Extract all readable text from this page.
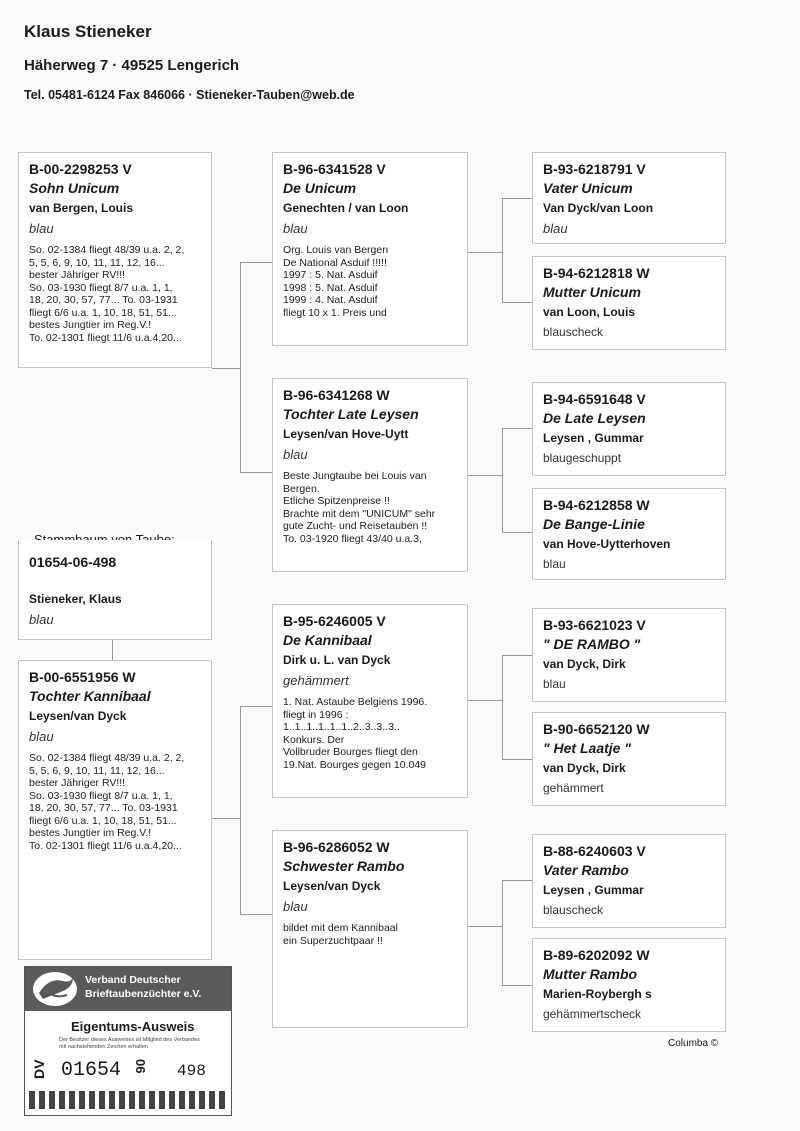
Klaus Stieneker
Häherweg 7 · 49525 Lengerich
Tel. 05481-6124 Fax 846066 · Stieneker-Tauben@web.de
01654-06-498
Stieneker, Klaus
blau
B-00-2298253 V
Sohn Unicum
van Bergen, Louis
blau
So. 02-1384 fliegt 48/39 u.a. 2, 2,
5, 5, 6, 9, 10, 11, 11, 12, 16...
bester Jähriger RV!!!
So. 03-1930 fliegt 8/7 u.a. 1, 1,
18, 20, 30, 57, 77... To. 03-1931
fliegt 6/6 u.a. 1, 10, 18, 51, 51...
bestes Jungtier im Reg.V.!
To. 02-1301 fliegt 11/6 u.a.4,20...
B-00-6551956 W
Tochter Kannibaal
Leysen/van Dyck
blau
So. 02-1384 fliegt 48/39 u.a. 2, 2,
5, 5, 6, 9, 10, 11, 11, 12, 16...
bester Jähriger RV!!!
So. 03-1930 fliegt 8/7 u.a. 1, 1,
18, 20, 30, 57, 77... To. 03-1931
fliegt 6/6 u.a. 1, 10, 18, 51, 51...
bestes Jungtier im Reg.V.!
To. 02-1301 fliegt 11/6 u.a.4,20...
B-96-6341528 V
De Unicum
Genechten / van Loon
blau
Org. Louis van Bergen
De National Asduif !!!!!
1997 : 5. Nat. Asduif
1998 : 5. Nat. Asduif
1999 : 4. Nat. Asduif
fliegt 10 x 1. Preis und
B-96-6341268 W
Tochter Late Leysen
Leysen/van Hove-Uytt
blau
Beste Jungtaube bei Louis van
Bergen.
Etliche Spitzenpreise !!
Brachte mit dem "UNICUM" sehr
gute Zucht- und Reisetauben !!
To. 03-1920 fliegt 43/40 u.a.3,
B-95-6246005 V
De Kannibaal
Dirk u. L. van Dyck
gehämmert
1. Nat. Astaube Belgiens 1996.
fliegt in 1996 :
1..1..1..1..1..1..2..3..3..3..
Konkurs. Der
Vollbruder Bourges fliegt den
19.Nat. Bourges gegen 10.049
B-96-6286052 W
Schwester Rambo
Leysen/van Dyck
blau
bildet mit dem Kannibaal
ein Superzuchtpaar !!
B-93-6218791 V
Vater Unicum
Van Dyck/van Loon
blau
B-94-6212818 W
Mutter Unicum
van Loon, Louis
blauscheck
B-94-6591648 V
De Late Leysen
Leysen , Gummar
blaugeschuppt
B-94-6212858 W
De Bange-Linie
van Hove-Uytterhoven
blau
B-93-6621023 V
" DE RAMBO "
van Dyck, Dirk
blau
B-90-6652120 W
" Het Laatje "
van Dyck, Dirk
gehämmert
B-88-6240603 V
Vater Rambo
Leysen , Gummar
blauscheck
B-89-6202092 W
Mutter Rambo
Marien-Roybergh s
gehämmertscheck
Verband Deutscher
Brieftaubenzüchter e.V.
Eigentums-Ausweis
Der Besitzer dieses Ausweises ist Mitglied des Verbandes
mit nachstehenden Zeichen erhalten
DV 01654 06 498
Columba ©
